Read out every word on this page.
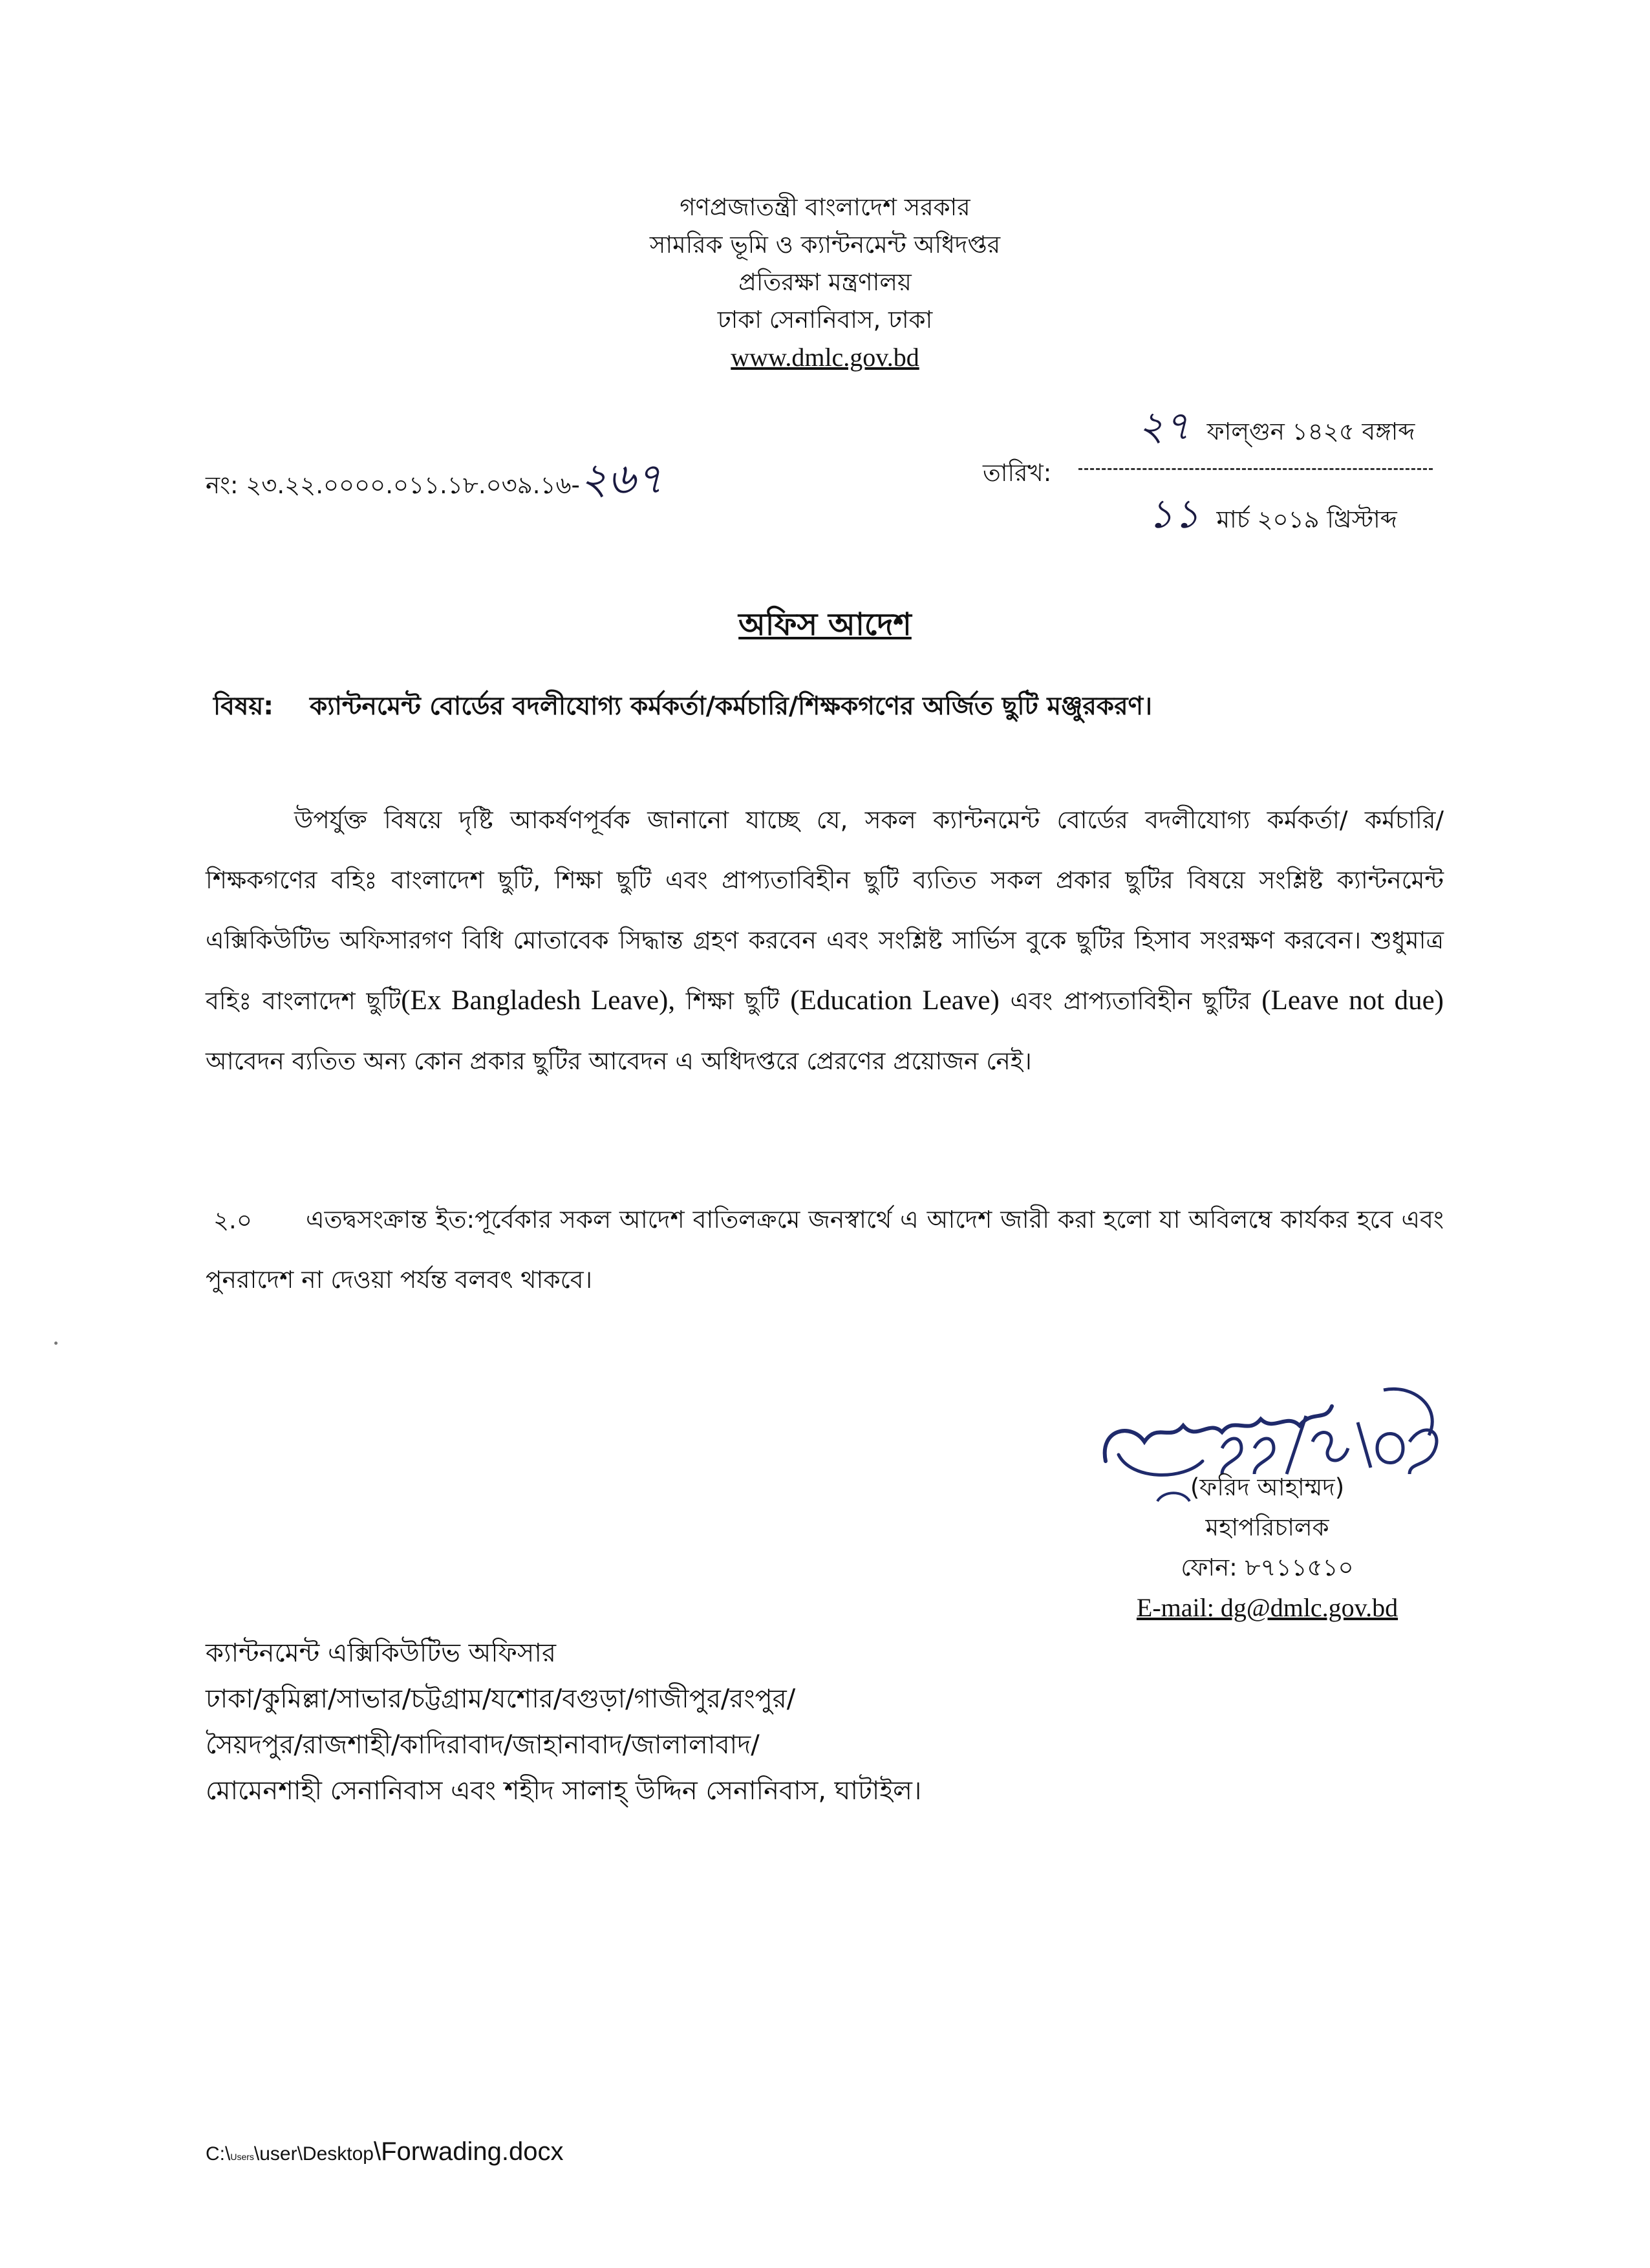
গণপ্রজাতন্ত্রী বাংলাদেশ সরকার
সামরিক ভূমি ও ক্যান্টনমেন্ট অধিদপ্তর
প্রতিরক্ষা মন্ত্রণালয়
ঢাকা সেনানিবাস, ঢাকা
www.dmlc.gov.bd
নং: ২৩.২২.০০০০.০১১.১৮.০৩৯.১৬-২৬৭
২৭ ফাল্গুন ১৪২৫ বঙ্গাব্দ
তারিখ:
১১ মার্চ ২০১৯ খ্রিস্টাব্দ
অফিস আদেশ
বিষয়: ক্যান্টনমেন্ট বোর্ডের বদলীযোগ্য কর্মকর্তা/কর্মচারি/শিক্ষকগণের অর্জিত ছুটি মঞ্জুরকরণ।
উপর্যুক্ত বিষয়ে দৃষ্টি আকর্ষণপূর্বক জানানো যাচ্ছে যে, সকল ক্যান্টনমেন্ট বোর্ডের বদলীযোগ্য কর্মকর্তা/ কর্মচারি/শিক্ষকগণের বহিঃ বাংলাদেশ ছুটি, শিক্ষা ছুটি এবং প্রাপ্যতাবিহীন ছুটি ব্যতিত সকল প্রকার ছুটির বিষয়ে সংশ্লিষ্ট ক্যান্টনমেন্ট এক্সিকিউটিভ অফিসারগণ বিধি মোতাবেক সিদ্ধান্ত গ্রহণ করবেন এবং সংশ্লিষ্ট সার্ভিস বুকে ছুটির হিসাব সংরক্ষণ করবেন। শুধুমাত্র বহিঃ বাংলাদেশ ছুটি(Ex Bangladesh Leave), শিক্ষা ছুটি (Education Leave) এবং প্রাপ্যতাবিহীন ছুটির (Leave not due) আবেদন ব্যতিত অন্য কোন প্রকার ছুটির আবেদন এ অধিদপ্তরে প্রেরণের প্রয়োজন নেই।
২.০	এতদ্বসংক্রান্ত ইত:পূর্বেকার সকল আদেশ বাতিলক্রমে জনস্বার্থে এ আদেশ জারী করা হলো যা অবিলম্বে কার্যকর হবে এবং পুনরাদেশ না দেওয়া পর্যন্ত বলবৎ থাকবে।
(ফরিদ আহাম্মদ)
মহাপরিচালক
ফোন: ৮৭১১৫১০
E-mail: dg@dmlc.gov.bd
ক্যান্টনমেন্ট এক্সিকিউটিভ অফিসার
ঢাকা/কুমিল্লা/সাভার/চট্টগ্রাম/যশোর/বগুড়া/গাজীপুর/রংপুর/
সৈয়দপুর/রাজশাহী/কাদিরাবাদ/জাহানাবাদ/জালালাবাদ/
মোমেনশাহী সেনানিবাস এবং শহীদ সালাহ্ উদ্দিন সেনানিবাস, ঘাটাইল।
C:\Users\user\Desktop\Forwading.docx
